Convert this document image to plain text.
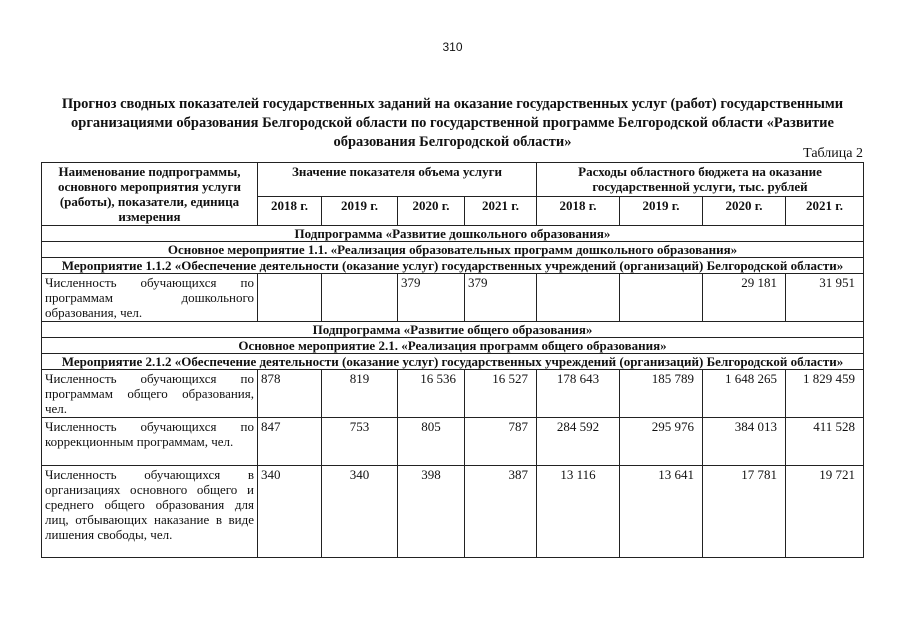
310
Прогноз сводных показателей государственных заданий на оказание государственных услуг (работ) государственными организациями образования Белгородской области по государственной программе Белгородской области «Развитие образования Белгородской области»
Таблица 2
Наименование подпрограммы, основного мероприятия услуги (работы), показатели, единица измерения	Значение показателя объема услуги				Расходы областного бюджета на оказание государственной услуги, тыс. рублей			
	2018 г.	2019 г.	2020 г.	2021 г.	2018 г.	2019 г.	2020 г.	2021 г.
Подпрограмма «Развитие дошкольного образования»								
Основное мероприятие 1.1. «Реализация образовательных программ дошкольного образования»								
Мероприятие 1.1.2 «Обеспечение деятельности (оказание услуг) государственных учреждений (организаций) Белгородской области»								
Численность обучающихся по программам дошкольного образования, чел.			379	379			29 181	31 951
Подпрограмма «Развитие общего образования»								
Основное мероприятие 2.1. «Реализация программ общего образования»								
Мероприятие 2.1.2 «Обеспечение деятельности (оказание услуг) государственных учреждений (организаций) Белгородской области»								
Численность обучающихся по программам общего образования, чел.	878	819	16 536	16 527	178 643	185 789	1 648 265	1 829 459
Численность обучающихся по коррекционным программам, чел.	847	753	805	787	284 592	295 976	384 013	411 528
Численность обучающихся в организациях основного общего и среднего общего образования для лиц, отбывающих наказание в виде лишения свободы, чел.	340	340	398	387	13 116	13 641	17 781	19 721
